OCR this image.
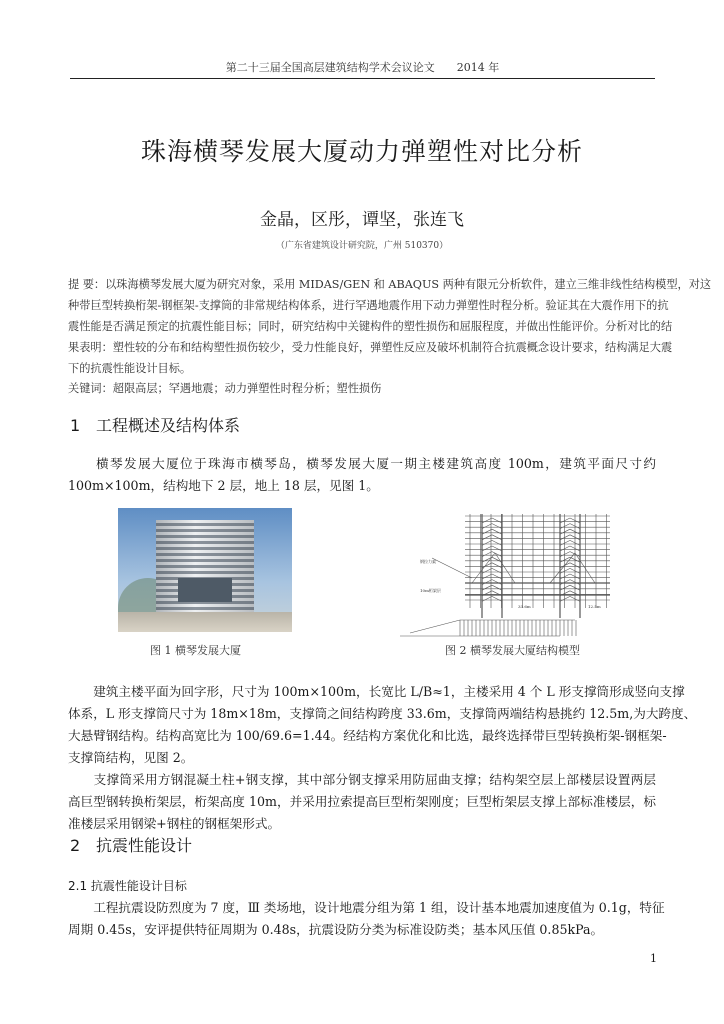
第二十三届全国高层建筑结构学术会议论文　　2014 年
珠海横琴发展大厦动力弹塑性对比分析
金晶，区彤，谭坚，张连飞
（广东省建筑设计研究院，广州 510370）
提 要：以珠海横琴发展大厦为研究对象，采用 MIDAS/GEN 和 ABAQUS 两种有限元分析软件，建立三维非线性结构模型，对这
种带巨型转换桁架-钢框架-支撑筒的非常规结构体系，进行罕遇地震作用下动力弹塑性时程分析。验证其在大震作用下的抗
震性能是否满足预定的抗震性能目标；同时，研究结构中关键构件的塑性损伤和屈服程度，并做出性能评价。分析对比的结
果表明：塑性较的分布和结构塑性损伤较少，受力性能良好，弹塑性反应及破坏机制符合抗震概念设计要求，结构满足大震
下的抗震性能设计目标。
关键词：超限高层；罕遇地震；动力弹塑性时程分析；塑性损伤
1 工程概述及结构体系
　　横琴发展大厦位于珠海市横琴岛，横琴发展大厦一期主楼建筑高度 100m，建筑平面尺寸约
100m×100m，结构地下 2 层，地上 18 层，见图 1。
图 1 横琴发展大厦
钢拉力索
10m桁架层
33.6m	12.5m
图 2 横琴发展大厦结构模型
　　建筑主楼平面为回字形，尺寸为 100m×100m，长宽比 L/B≈1，主楼采用 4 个 L 形支撑筒形成竖向支撑
体系，L 形支撑筒尺寸为 18m×18m，支撑筒之间结构跨度 33.6m，支撑筒两端结构悬挑约 12.5m,为大跨度、
大悬臂钢结构。结构高宽比为 100/69.6=1.44。经结构方案优化和比选，最终选择带巨型转换桁架-钢框架-
支撑筒结构，见图 2。
　　支撑筒采用方钢混凝土柱+钢支撑，其中部分钢支撑采用防屈曲支撑；结构架空层上部楼层设置两层
高巨型钢转换桁架层，桁架高度 10m，并采用拉索提高巨型桁架刚度；巨型桁架层支撑上部标准楼层，标
准楼层采用钢梁+钢柱的钢框架形式。
2 抗震性能设计
2.1 抗震性能设计目标
　　工程抗震设防烈度为 7 度，Ⅲ 类场地，设计地震分组为第 1 组，设计基本地震加速度值为 0.1g，特征
周期 0.45s，安评提供特征周期为 0.48s，抗震设防分类为标准设防类；基本风压值 0.85kPa。
1
